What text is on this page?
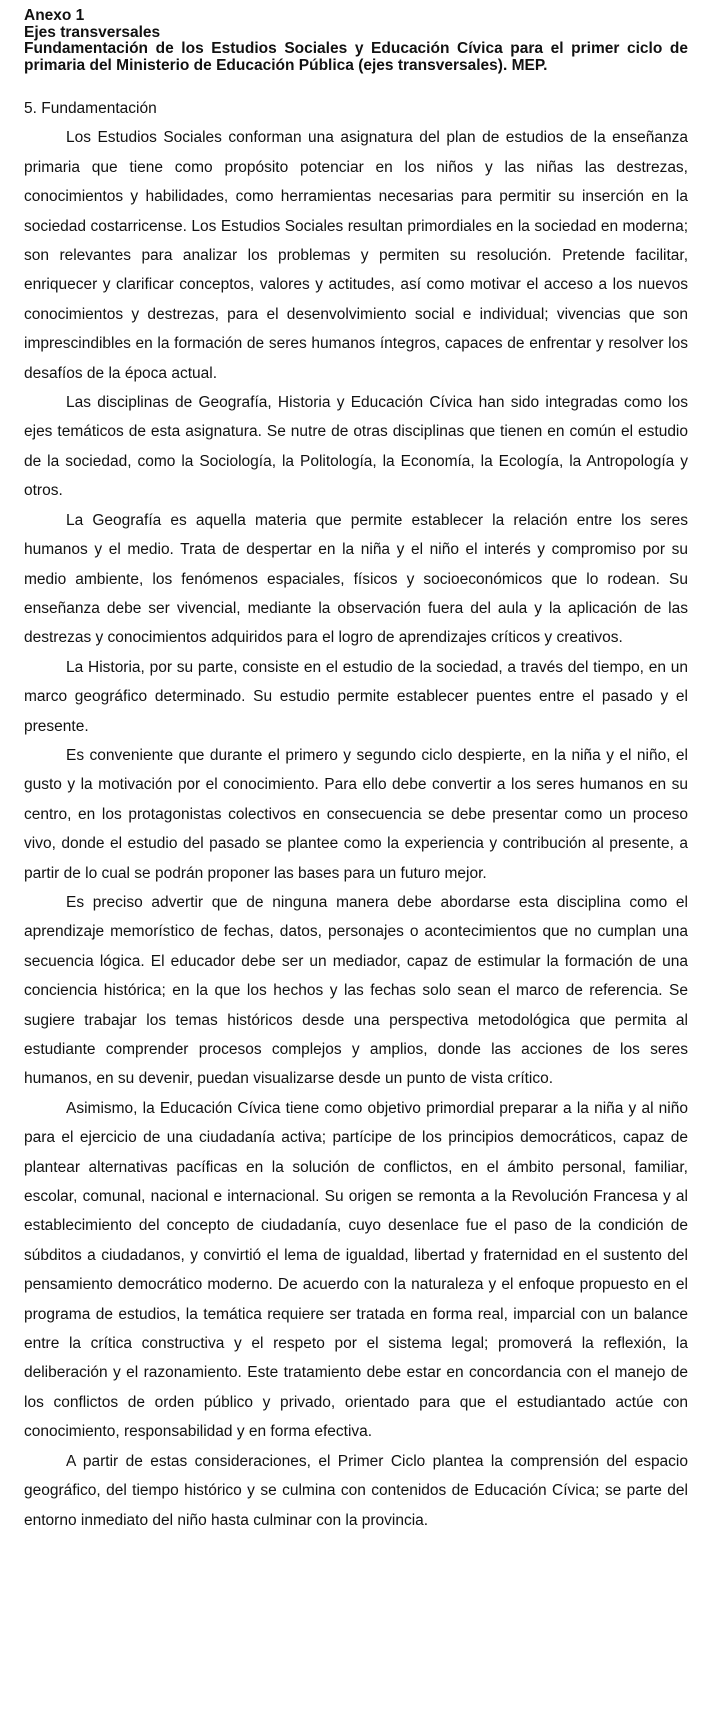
Anexo 1
Ejes transversales
Fundamentación de los Estudios Sociales y Educación Cívica para el primer ciclo de primaria del Ministerio de Educación Pública (ejes transversales). MEP.
5. Fundamentación

Los Estudios Sociales conforman una asignatura del plan de estudios de la enseñanza primaria que tiene como propósito potenciar en los niños y las niñas las destrezas, conocimientos y habilidades, como herramientas necesarias para permitir su inserción en la sociedad costarricense. Los Estudios Sociales resultan primordiales en la sociedad en moderna; son relevantes para analizar los problemas y permiten su resolución. Pretende facilitar, enriquecer y clarificar conceptos, valores y actitudes, así como motivar el acceso a los nuevos conocimientos y destrezas, para el desenvolvimiento social e individual; vivencias que son imprescindibles en la formación de seres humanos íntegros, capaces de enfrentar y resolver los desafíos de la época actual.

Las disciplinas de Geografía, Historia y Educación Cívica han sido integradas como los ejes temáticos de esta asignatura. Se nutre de otras disciplinas que tienen en común el estudio de la sociedad, como la Sociología, la Politología, la Economía, la Ecología, la Antropología y otros.

La Geografía es aquella materia que permite establecer la relación entre los seres humanos y el medio. Trata de despertar en la niña y el niño el interés y compromiso por su medio ambiente, los fenómenos espaciales, físicos y socioeconómicos que lo rodean. Su enseñanza debe ser vivencial, mediante la observación fuera del aula y la aplicación de las destrezas y conocimientos adquiridos para el logro de aprendizajes críticos y creativos.

La Historia, por su parte, consiste en el estudio de la sociedad, a través del tiempo, en un marco geográfico determinado. Su estudio permite establecer puentes entre el pasado y el presente.

Es conveniente que durante el primero y segundo ciclo despierte, en la niña y el niño, el gusto y la motivación por el conocimiento. Para ello debe convertir a los seres humanos en su centro, en los protagonistas colectivos en consecuencia se debe presentar como un proceso vivo, donde el estudio del pasado se plantee como la experiencia y contribución al presente, a partir de lo cual se podrán proponer las bases para un futuro mejor.

Es preciso advertir que de ninguna manera debe abordarse esta disciplina como el aprendizaje memorístico de fechas, datos, personajes o acontecimientos que no cumplan una secuencia lógica. El educador debe ser un mediador, capaz de estimular la formación de una conciencia histórica; en la que los hechos y las fechas solo sean el marco de referencia. Se sugiere trabajar los temas históricos desde una perspectiva metodológica que permita al estudiante comprender procesos complejos y amplios, donde las acciones de los seres humanos, en su devenir, puedan visualizarse desde un punto de vista crítico.

Asimismo, la Educación Cívica tiene como objetivo primordial preparar a la niña y al niño para el ejercicio de una ciudadanía activa; partícipe de los principios democráticos, capaz de plantear alternativas pacíficas en la solución de conflictos, en el ámbito personal, familiar, escolar, comunal, nacional e internacional. Su origen se remonta a la Revolución Francesa y al establecimiento del concepto de ciudadanía, cuyo desenlace fue el paso de la condición de súbditos a ciudadanos, y convirtió el lema de igualdad, libertad y fraternidad en el sustento del pensamiento democrático moderno. De acuerdo con la naturaleza y el enfoque propuesto en el programa de estudios, la temática requiere ser tratada en forma real, imparcial con un balance entre la crítica constructiva y el respeto por el sistema legal; promoverá la reflexión, la deliberación y el razonamiento. Este tratamiento debe estar en concordancia con el manejo de los conflictos de orden público y privado, orientado para que el estudiantado actúe con conocimiento, responsabilidad y en forma efectiva.

A partir de estas consideraciones, el Primer Ciclo plantea la comprensión del espacio geográfico, del tiempo histórico y se culmina con contenidos de Educación Cívica; se parte del entorno inmediato del niño hasta culminar con la provincia.
